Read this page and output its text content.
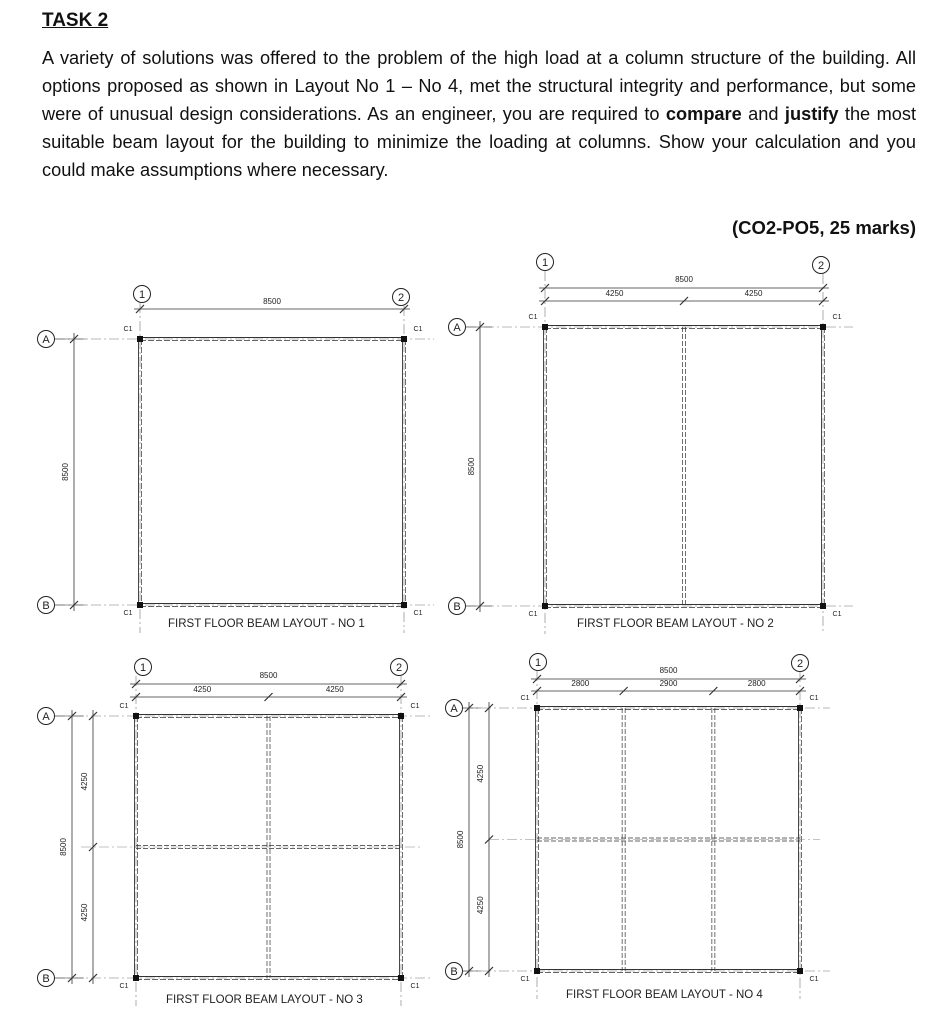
TASK 2

A variety of solutions was offered to the problem of the high load at a column structure of the building. All options proposed as shown in Layout No 1 – No 4, met the structural integrity and performance, but some were of unusual design considerations. As an engineer, you are required to compare and justify the most suitable beam layout for the building to minimize the loading at columns. Show your calculation and you could make assumptions where necessary.

(CO2-PO5, 25 marks)
C1	C1
C1	C1
1	2
A
B
8500
8500
FIRST FLOOR BEAM LAYOUT - NO 1
C1	C1
C1	C1
1	2
A
B
8500
4250	4250
8500
FIRST FLOOR BEAM LAYOUT - NO 2
C1	C1
C1	C1
1	2
A
B
8500
4250	4250
8500
4250
4250
FIRST FLOOR BEAM LAYOUT - NO 3
C1	C1
C1	C1
1	2
A
B
8500
2800	2900	2800
8500
4250
4250
FIRST FLOOR BEAM LAYOUT - NO 4
